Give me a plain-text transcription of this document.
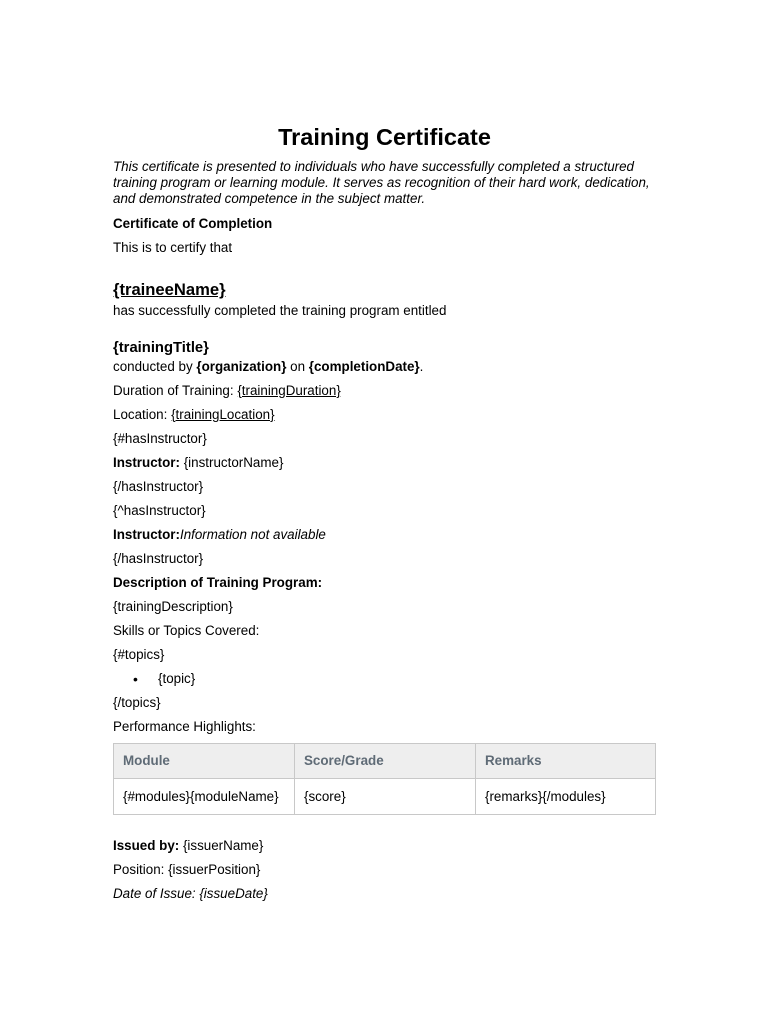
Training Certificate
This certificate is presented to individuals who have successfully completed a structured training program or learning module. It serves as recognition of their hard work, dedication, and demonstrated competence in the subject matter.
Certificate of Completion
This is to certify that
{traineeName}
has successfully completed the training program entitled
{trainingTitle}
conducted by {organization} on {completionDate}.
Duration of Training: {trainingDuration}
Location: {trainingLocation}
{#hasInstructor}
Instructor: {instructorName}
{/hasInstructor}
{^hasInstructor}
Instructor:Information not available
{/hasInstructor}
Description of Training Program:
{trainingDescription}
Skills or Topics Covered:
{#topics}
• {topic}
{/topics}
Performance Highlights:
Module	Score/Grade	Remarks
{#modules}{moduleName}	{score}	{remarks}{/modules}
Issued by: {issuerName}
Position: {issuerPosition}
Date of Issue: {issueDate}
